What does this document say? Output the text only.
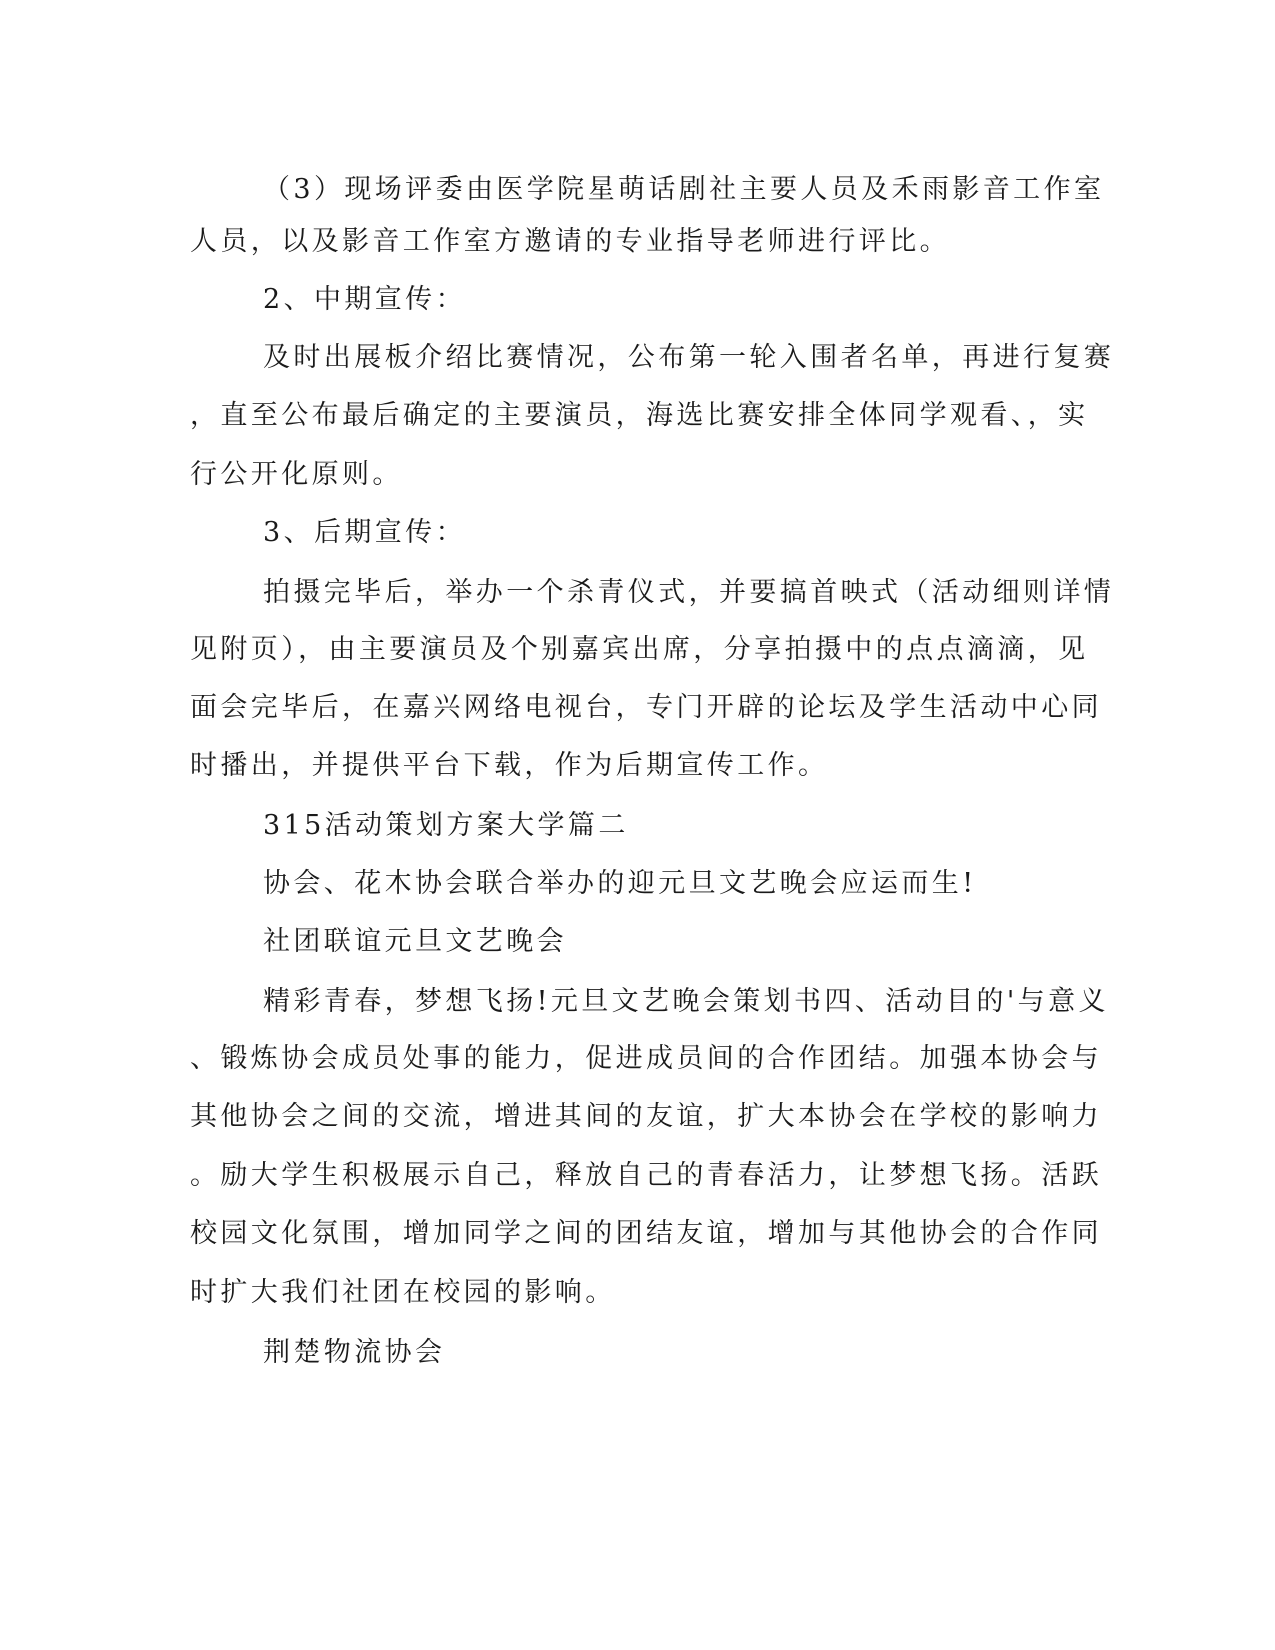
（3）现场评委由医学院星萌话剧社主要人员及禾雨影音工作室
人员，以及影音工作室方邀请的专业指导老师进行评比。
2、中期宣传：
及时出展板介绍比赛情况，公布第一轮入围者名单，再进行复赛
，直至公布最后确定的主要演员，海选比赛安排全体同学观看、，实
行公开化原则。
3、后期宣传：
拍摄完毕后，举办一个杀青仪式，并要搞首映式（活动细则详情
见附页），由主要演员及个别嘉宾出席，分享拍摄中的点点滴滴，见
面会完毕后，在嘉兴网络电视台，专门开辟的论坛及学生活动中心同
时播出，并提供平台下载，作为后期宣传工作。
315活动策划方案大学篇二
协会、花木协会联合举办的迎元旦文艺晚会应运而生!
社团联谊元旦文艺晚会
精彩青春，梦想飞扬!元旦文艺晚会策划书四、活动目的'与意义
、锻炼协会成员处事的能力，促进成员间的合作团结。加强本协会与
其他协会之间的交流，增进其间的友谊，扩大本协会在学校的影响力
。励大学生积极展示自己，释放自己的青春活力，让梦想飞扬。活跃
校园文化氛围，增加同学之间的团结友谊，增加与其他协会的合作同
时扩大我们社团在校园的影响。
荆楚物流协会
